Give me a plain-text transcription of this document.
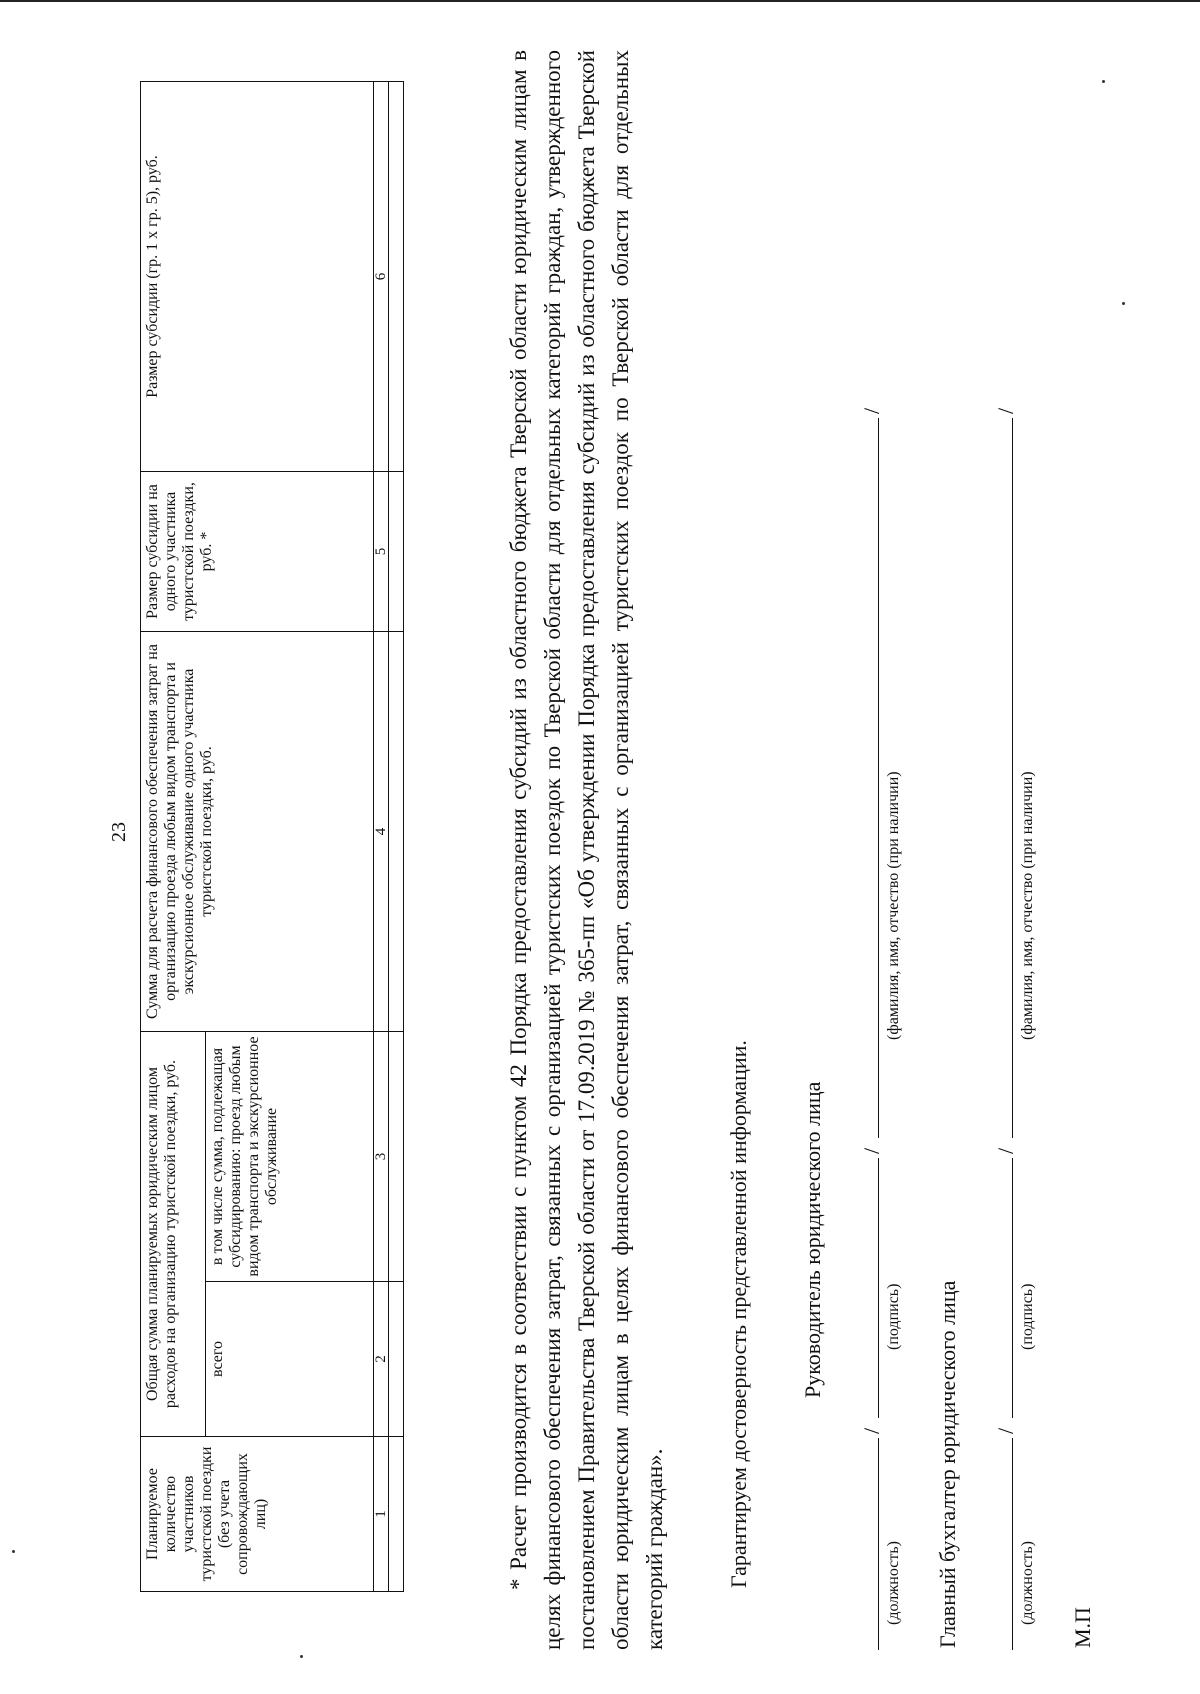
23
Планируемое количество участников туристской поездки (без учета сопровождающих лиц)	Общая сумма планируемых юридическим лицом расходов на организацию туристской поездки, руб.		Сумма для расчета финансового обеспечения затрат на организацию проезда любым видом транспорта и экскурсионное обслуживание одного участника туристской поездки, руб.	Размер субсидии на одного участника туристской поездки, руб. *	Размер субсидии (гр. 1 х гр. 5), руб.
	всего	в том числе сумма, подлежащая субсидированию: проезд любым видом транспорта и экскурсионное обслуживание			
1	2	3	4	5	6
						* Расчет производится в соответствии с пунктом 42 Порядка предоставления субсидий из областного бюджета Тверской области юридическим лицам в целях финансового обеспечения затрат, связанных с организацией туристских поездок по Тверской области для отдельных категорий граждан, утвержденного постановлением Правительства Тверской области от 17.09.2019 № 365-пп «Об утверждении Порядка предоставления субсидий из областного бюджета Тверской области юридическим лицам в целях финансового обеспечения затрат, связанных с организацией туристских поездок по Тверской области для отдельных категорий граждан».	Гарантируем достоверность представленной информации. Руководитель юридического лица
/
/
/
(должность)
(подпись)
(фамилия, имя, отчество (при наличии)
Главный бухгалтер юридического лица /
/
/
(должность)
(подпись)
(фамилия, имя, отчество (при наличии)
М.П
